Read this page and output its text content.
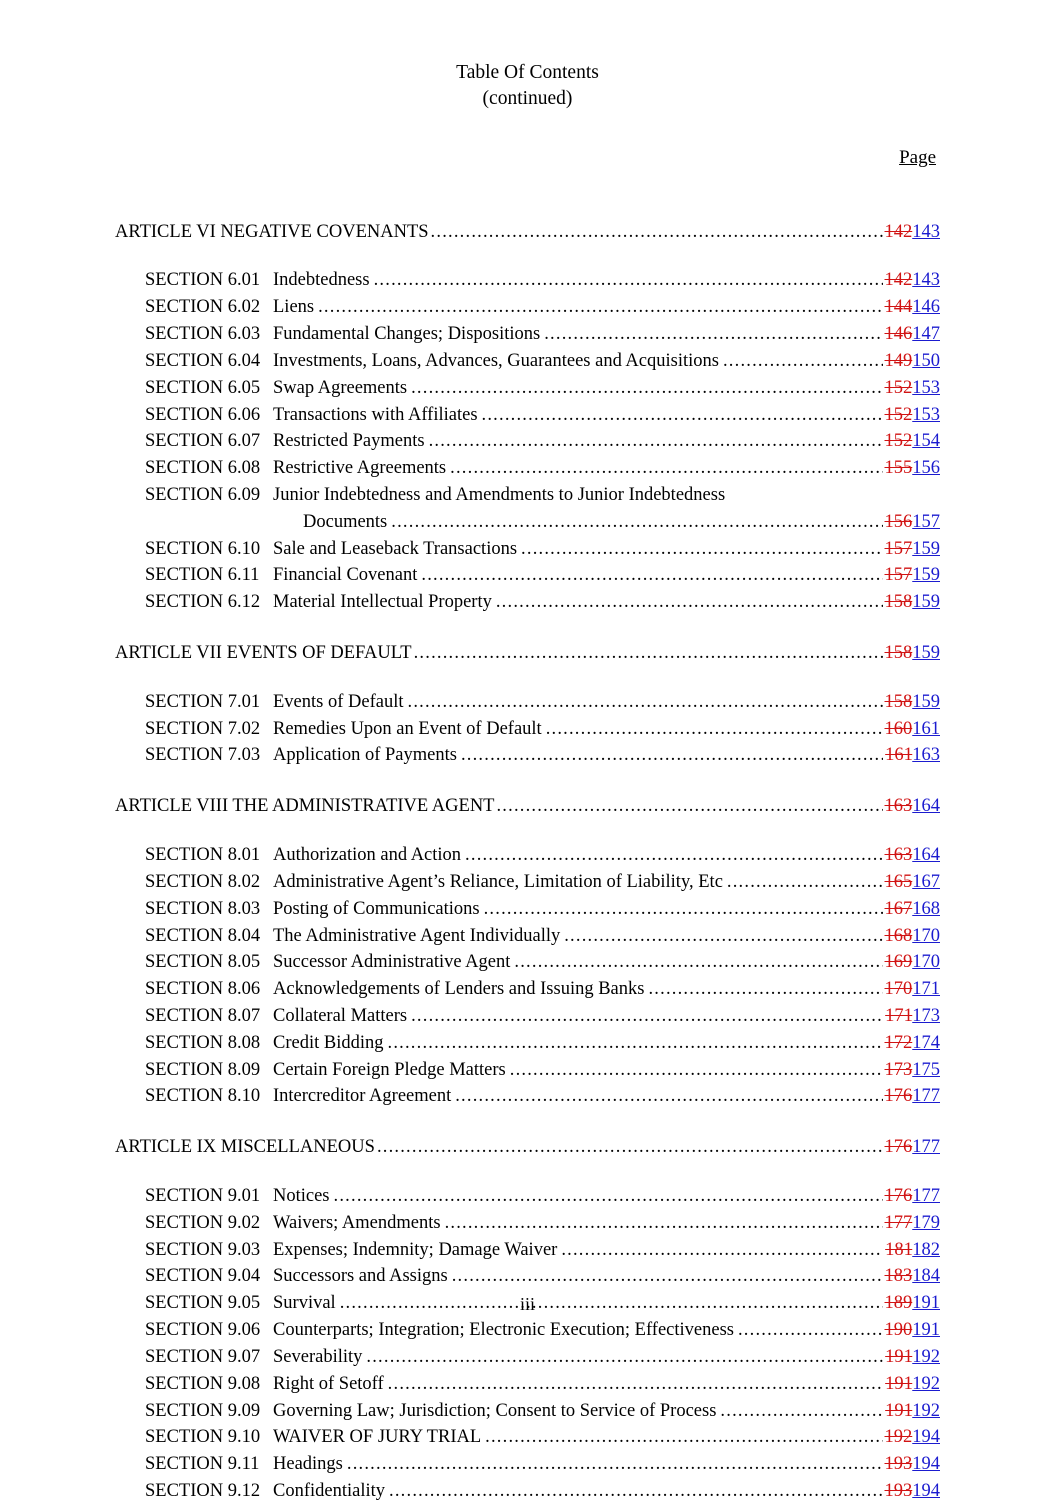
Table Of Contents
(continued)
Page
ARTICLE VI NEGATIVE COVENANTS .....	142143
SECTION 6.01 Indebtedness .....	142143
SECTION 6.02 Liens .....	144146
SECTION 6.03 Fundamental Changes; Dispositions .....	146147
SECTION 6.04 Investments, Loans, Advances, Guarantees and Acquisitions .....	149150
SECTION 6.05 Swap Agreements .....	152153
SECTION 6.06 Transactions with Affiliates .....	152153
SECTION 6.07 Restricted Payments .....	152154
SECTION 6.08 Restrictive Agreements .....	155156
SECTION 6.09 Junior Indebtedness and Amendments to Junior Indebtedness
Documents .....	156157
SECTION 6.10 Sale and Leaseback Transactions .....	157159
SECTION 6.11 Financial Covenant .....	157159
SECTION 6.12 Material Intellectual Property .....	158159
ARTICLE VII EVENTS OF DEFAULT .....	158159
SECTION 7.01 Events of Default .....	158159
SECTION 7.02 Remedies Upon an Event of Default .....	160161
SECTION 7.03 Application of Payments .....	161163
ARTICLE VIII THE ADMINISTRATIVE AGENT .....	163164
SECTION 8.01 Authorization and Action .....	163164
SECTION 8.02 Administrative Agent’s Reliance, Limitation of Liability, Etc .....	165167
SECTION 8.03 Posting of Communications .....	167168
SECTION 8.04 The Administrative Agent Individually .....	168170
SECTION 8.05 Successor Administrative Agent .....	169170
SECTION 8.06 Acknowledgements of Lenders and Issuing Banks .....	170171
SECTION 8.07 Collateral Matters .....	171173
SECTION 8.08 Credit Bidding .....	172174
SECTION 8.09 Certain Foreign Pledge Matters .....	173175
SECTION 8.10 Intercreditor Agreement .....	176177
ARTICLE IX MISCELLANEOUS .....	176177
SECTION 9.01 Notices .....	176177
SECTION 9.02 Waivers; Amendments .....	177179
SECTION 9.03 Expenses; Indemnity; Damage Waiver .....	181182
SECTION 9.04 Successors and Assigns .....	183184
SECTION 9.05 Survival .....	189191
SECTION 9.06 Counterparts; Integration; Electronic Execution; Effectiveness .....	190191
SECTION 9.07 Severability .....	191192
SECTION 9.08 Right of Setoff .....	191192
SECTION 9.09 Governing Law; Jurisdiction; Consent to Service of Process .....	191192
SECTION 9.10 WAIVER OF JURY TRIAL .....	192194
SECTION 9.11 Headings .....	193194
SECTION 9.12 Confidentiality .....	193194
iii
